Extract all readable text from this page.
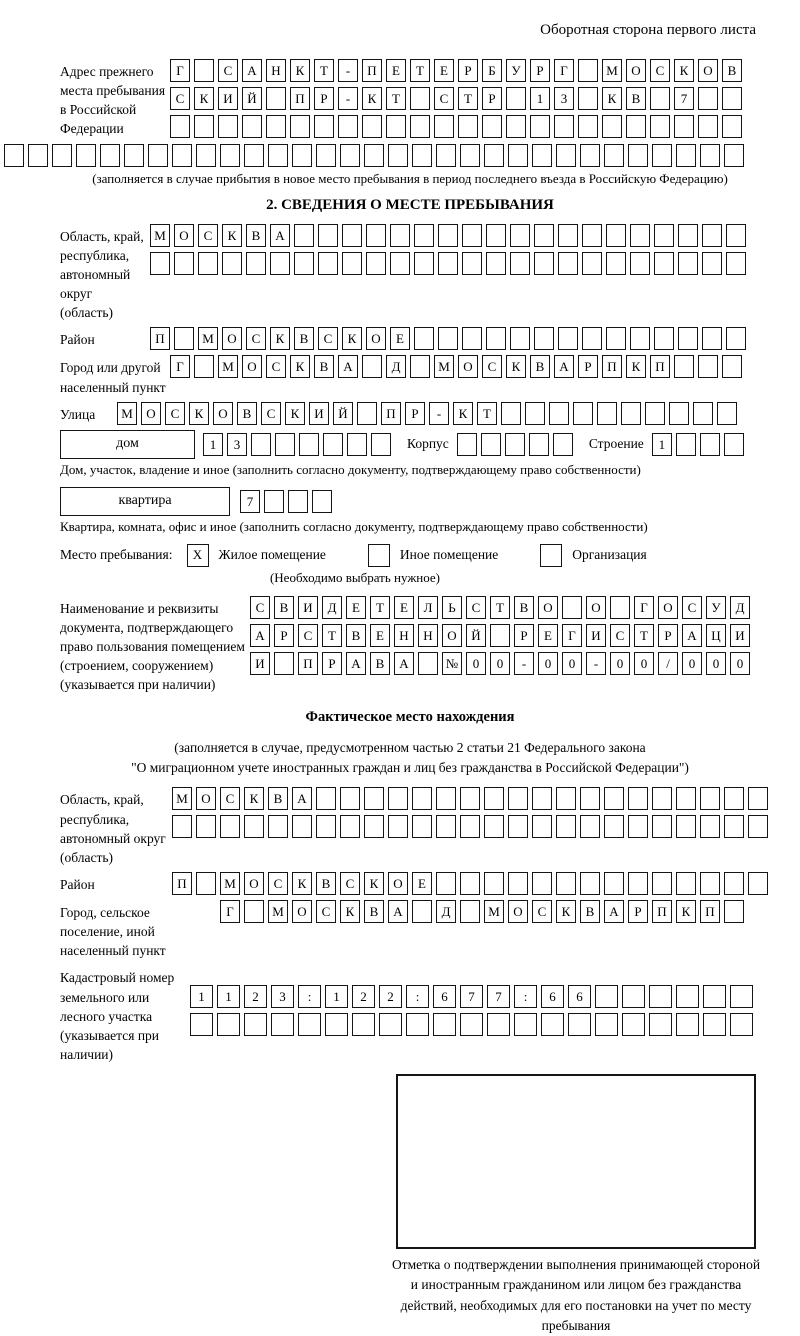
Оборотная сторона первого листа
Адрес прежнего места пребывания в Российской Федерации
Г	С	А	Н	К	Т	-	П	Е	Т	Е	Р	Б	У	Р	Г	М	О	С	К	О	В
С	К	И	Й	П	Р	-	К	Т	С	Т	Р	1	3	К	В	7
(заполняется в случае прибытия в новое место пребывания в период последнего въезда в Российскую Федерацию)
2. СВЕДЕНИЯ О МЕСТЕ ПРЕБЫВАНИЯ
Область, край, республика, автономный округ (область)
М	О	С	К	В	А
Район	П	М	О	С	К	В	С	К	О	Е
Город или другой населенный пункт
Г	М	О	С	К	В	А	Д	М	О	С	К	В	А	Р	П	К	П
Улица	М	О	С	К	О	В	С	К	И	Й	П	Р	-	К	Т
дом	1	3	Корпус	Строение	1
Дом, участок, владение и иное (заполнить согласно документу, подтверждающему право собственности)
квартира	7
Квартира, комната, офис и иное (заполнить согласно документу, подтверждающему право собственности)
Место пребывания:	X	Жилое помещение	Иное помещение	Организация
(Необходимо выбрать нужное)
Наименование и реквизиты документа, подтверждающего право пользования помещением (строением, сооружением) (указывается при наличии)
С	В	И	Д	Е	Т	Е	Л	Ь	С	Т	В	О	О	Г	О	С	У	Д
А	Р	С	Т	В	Е	Н	Н	О	Й	Р	Е	Г	И	С	Т	Р	А	Ц	И
И	П	Р	А	В	А	№	0	0	-	0	0	-	0	0	/	0	0	0
Фактическое место нахождения
(заполняется в случае, предусмотренном частью 2 статьи 21 Федерального закона
"О миграционном учете иностранных граждан и лиц без гражданства в Российской Федерации")
Область, край, республика, автономный округ (область)
М	О	С	К	В	А
Район	П	М	О	С	К	В	С	К	О	Е
Город, сельское поселение, иной населенный пункт
Г	М	О	С	К	В	А	Д	М	О	С	К	В	А	Р	П	К	П
Кадастровый номер земельного или лесного участка (указывается при наличии)
1	1	2	3	:	1	2	2	:	6	7	7	:	6	6
Отметка о подтверждении выполнения принимающей стороной и иностранным гражданином или лицом без гражданства действий, необходимых для его постановки на учет по месту пребывания
